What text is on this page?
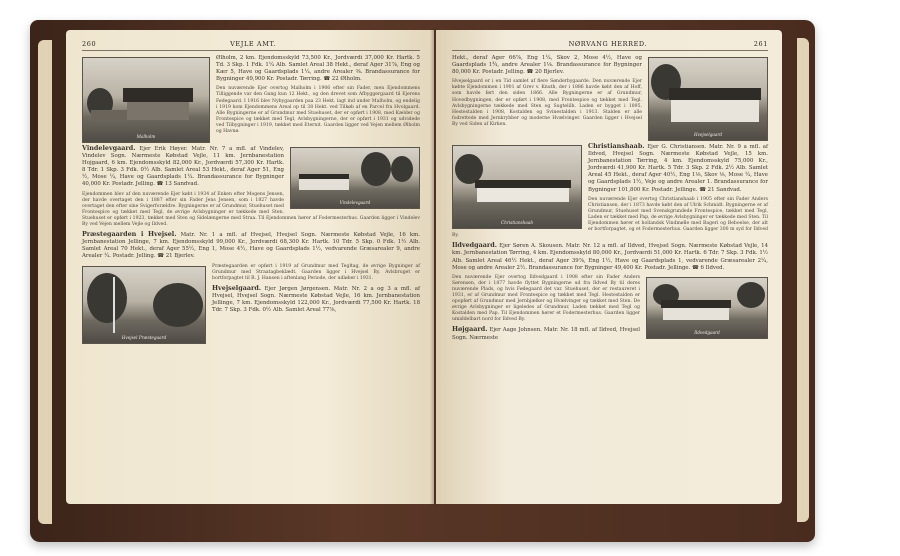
260	VEJLE AMT.
Malholm

Ølholm, 2 km. Ejendomsskyld 73,500 Kr., Jordværdi 37,000 Kr. Hartk. 5 Td. 3 Skp. 1 Fdk. 1¼ Alb. Samlet Areal 38 Hekt., deraf Ager 31⅞, Eng og Kær 5, Have og Gaardsplads 1¼, andre Arealer ⅜. Brandassurance for Bygninger 49,900 Kr. Postadr. Tørring. ☎ 22 Ølholm.

Den nuværende Ejer overtog Malholm i 1906 efter sin Fader, men Ejendommens Tilliggende var den Gang kun 12 Hekt., og den drevet som Afbyggergaard til Ejerens Fødegaard. I 1916 blev Nybygaarden paa 23 Hekt. lagt ind under Malholm, og endelig i 1919 kom Ejendommens Areal op til 38 Hekt. ved Tilkøb af en Parcel fra Hvolgaard. Alle Bygningerne er af Grundmur med Stuehuset, der er opført i 1908, med Kælder og Frontespice og tækket med Tegl, Avlsbygningerne, der er opført i 1931 og udvidede ved Tilbygninger i 1919, tækket med Eternit. Gaarden ligger ved Vejen mellem Ølholm og Havnø.

Vindelevgaard

Vindelevgaard. Ejer Erik Høyer. Matr. Nr. 7 a mfl. af Vindelev, Vindelev Sogn. Nærmeste Købstad Vejle, 11 km. Jernbanestation Hojgaard, 6 km. Ejendomsskyld 82,000 Kr., Jordværdi 57,300 Kr. Hartk. 8 Tdr. 1 Skp. 3 Fdk. 0½ Alb. Samlet Areal 53 Hekt., deraf Ager 51, Eng ½, Mose ¼, Have og Gaardsplads 1¼. Brandassurance for Bygninger 40,000 Kr. Postadr. Jelling. ☎ 13 Sandvad.

Ejendommen blev af den nuværende Ejer købt i 1934 af Enken efter Mogens Jensen, der havde overtaget den i 1887 efter sin Fader Jens Jensen, som i 1827 havde overtaget den efter sine Svigerforældre. Bygningerne er af Grundmur, Stuehuset med Frontespice og tækket med Tegl, de øvrige Avlsbygninger er tækkede med Sten. Stuehuset er opført i 1923, tækket med Sten og Sidelængerne med Straa. Til Ejendommen hører af Fodermesterhus. Gaarden ligger i Vindelev By ved Vejen mellem Vejle og Ildved.

Præstegaarden i Hvejsel. Matr. Nr. 1 a mfl. af Hvejsel, Hvejsel Sogn. Nærmeste Købstad Vejle, 16 km. Jernbanestation Jellinge, 7 km. Ejendomsskyld 99,000 Kr., Jordværdi 68,300 Kr. Hartk. 10 Tdr. 5 Skp. 0 Fdk. 1½ Alb. Samlet Areal 70 Hekt., deraf Ager 55½, Eng 1, Mose 4½, Have og Gaardsplads 1½, vedvarende Græsarealer 9, andre Arealer ¼. Postadr. Jelling. ☎ 21 Bjerlev.

Hvejsel Præstegaard

Præstegaarden er opført i 1919 af Grundmur med Tegltag, de øvrige Bygninger af Grundmur med Straatagbeklædt. Gaarden ligger i Hvejsel By. Avlsbruget er bortforpagtet til R. J. Hansen i aftenlang Periode, der udløber i 1931.

Hvejselgaard. Ejer Jørgen Jørgensen. Matr. Nr. 2 a og 3 a mfl. af Hvejsel, Hvejsel Sogn. Nærmeste Købstad Vejle, 16 km. Jernbanestation Jellinge, 7 km. Ejendomsskyld 122,000 Kr., Jordværdi 77,500 Kr. Hartk. 18 Tdr. 7 Skp. 3 Fdk. 0½ Alb. Samlet Areal 77⅞,

NØRVANG HERRED.	261
Hvejselgaard

Hekt., deraf Ager 66⅞, Eng 1¼, Skov 2, Mose 4½, Have og Gaardsplads 1¾, andre Arealer 1⅛. Brandassurance for Bygninger 80,000 Kr. Postadr. Jelling. ☎ 20 Bjerlev.

Hvejselgaard er i en Tid samlet af flere Sønderbygaarde. Den nuværende Ejer købte Ejendommen i 1901 af Grev v. Knuth, der i 1886 havde købt den af Hoff, som havde ført den siden 1866. Alle Bygningerne er af Grundmur, Hovedbygningen, der er opført i 1908, med Frontespice og tækket med Tegl. Avlsbygningerne tækkede med Sten og Sugtelilh. Laden er bygget i 1895, Hestestalden i 1908, Kostalden og Svinestalden i 1913. Stalden er alle fodrettede med Jernkrybber og moderne Hvælvinger. Gaarden ligger i Hvejsel By ved Siden af Kirken.

Christianshaab

Christianshaab. Ejer G. Christiansen. Matr. Nr. 9 a mfl. af Ildved, Hvejsel Sogn. Nærmeste Købstad Vejle, 15 km. Jernbanestation Tørring, 4 km. Ejendomsskyld 75,000 Kr., Jordværdi 41,900 Kr. Hartk. 5 Tdr. 3 Skp. 2 Fdk. 2½ Alb. Samlet Areal 45 Hekt., deraf Ager 40½, Eng 1⅛, Skov ⅛, Mose ¼, Have og Gaardsplads 1½, Veje og andre Arealer 1. Brandassurance for Bygninger 101,800 Kr. Postadr. Jellinge. ☎ 21 Sandvad.

Den nuværende Ejer overtog Christianshaab i 1905 efter sin Fader Anders Christiansen, der i 1873 havde købt den af Ulrik Schmidt. Bygningerne er af Grundmur, Stuehuset med Svenskgrundede Frontespice, tækket med Tegl, Laden er tækket med Pap, de øvrige Avlsbygninger er tækkede med Sten. Til Ejendommen hører et hollandsk Vindmølle med Bageri og Beboelse, der alt er bortforpagtet, og et Fodermesterhus. Gaarden ligger 300 m syd for Ildved By.

Ildvedgaard. Ejer Søren A. Skousen. Matr. Nr. 12 a mfl. af Ildved, Hvejsel Sogn. Nærmeste Købstad Vejle, 14 km. Jernbanestation Tørring, 4 km. Ejendomsskyld 80,000 Kr., Jordværdi 51,000 Kr. Hartk. 6 Tdr. 7 Skp. 3 Fdk. 1½ Alb. Samlet Areal 46½ Hekt., deraf Ager 39⅞, Eng 1½, Have og Gaardsplads 1, vedvarende Græsarealer 2¼, Mose og andre Arealer 2½. Brandassurance for Bygninger 49,400 Kr. Postadr. Jellinge. ☎ 6 Ildved.

Ildvedgaard

Den nuværende Ejer overtog Ildvedgaard i 1908 efter sin Fader Anders Sørensen, der i 1877 havde flyttet Bygningerne ud fra Ildved By til deres nuværende Plads, og hvis Fødegaard det var. Stuehuset, der er restaureret i 1931, er af Grundmur med Frontespice og tækket med Tegl. Hestestalden er opopført af Grundmur med Jernbjælker og Hvælvinger og tækket med Sten. De øvrige Avlsbygninger er ligeledes af Grundmur, Laden tækket med Tegl og Kostalden med Pap. Til Ejendommen hører et Fodermesterhus. Gaarden ligger umiddelbart nord for Ildved By.

Højgaard. Ejer Aage Johnsen. Matr. Nr. 18 mfl. af Ildved, Hvejsel Sogn. Nærmeste
